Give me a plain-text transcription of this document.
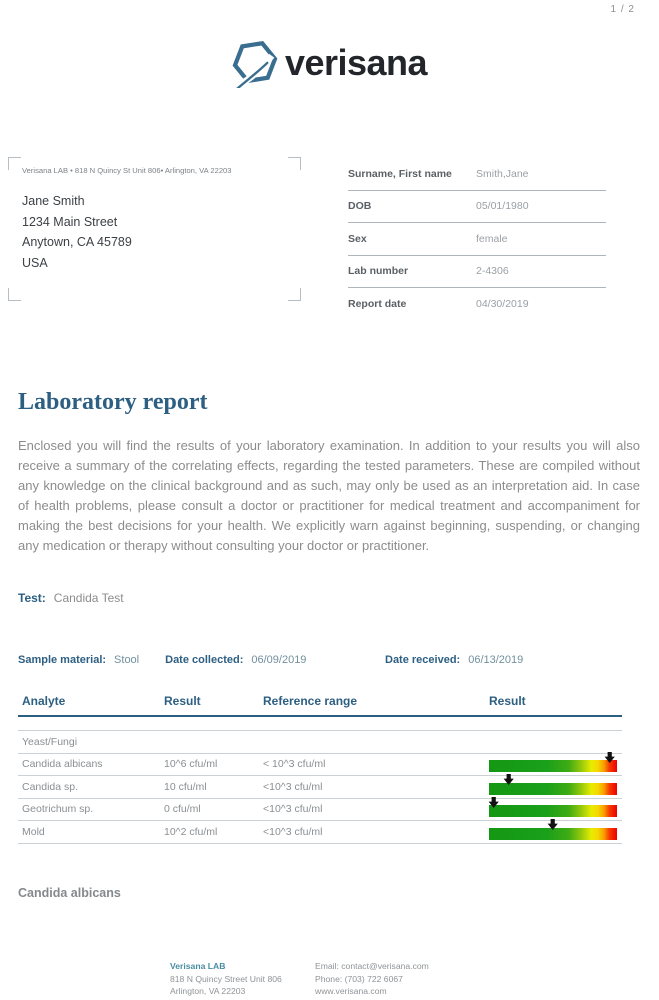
1 / 2
verisana
Verisana LAB • 818 N Quincy St Unit 806• Arlington, VA 22203
Jane Smith
1234 Main Street
Anytown, CA 45789
USA
Surname, First name	Smith,Jane
DOB	05/01/1980
Sex	female
Lab number	2-4306
Report date	04/30/2019
Laboratory report

Enclosed you will find the results of your laboratory examination. In addition to your results you will also receive a summary of the correlating effects, regarding the tested parameters. These are compiled without any knowledge on the clinical background and as such, may only be used as an interpretation aid. In case of health problems, please consult a doctor or practitioner for medical treatment and accompaniment for making the best decisions for your health. We explicitly warn against beginning, suspending, or changing any medication or therapy without consulting your doctor or practitioner.

Test: Candida Test
Sample material: Stool Date collected: 06/09/2019	Date received: 06/13/2019
Analyte	Result	Reference range	Result
Yeast/Fungi
Candida albicans	10^6 cfu/ml	< 10^3 cfu/ml
Candida sp.	10 cfu/ml	<10^3 cfu/ml
Geotrichum sp.	0 cfu/ml	<10^3 cfu/ml
Mold	10^2 cfu/ml	<10^3 cfu/ml
Candida albicans
Verisana LAB
818 N Quincy Street Unit 806
Arlington, VA 22203
Email: contact@verisana.com
Phone: (703) 722 6067
www.verisana.com
